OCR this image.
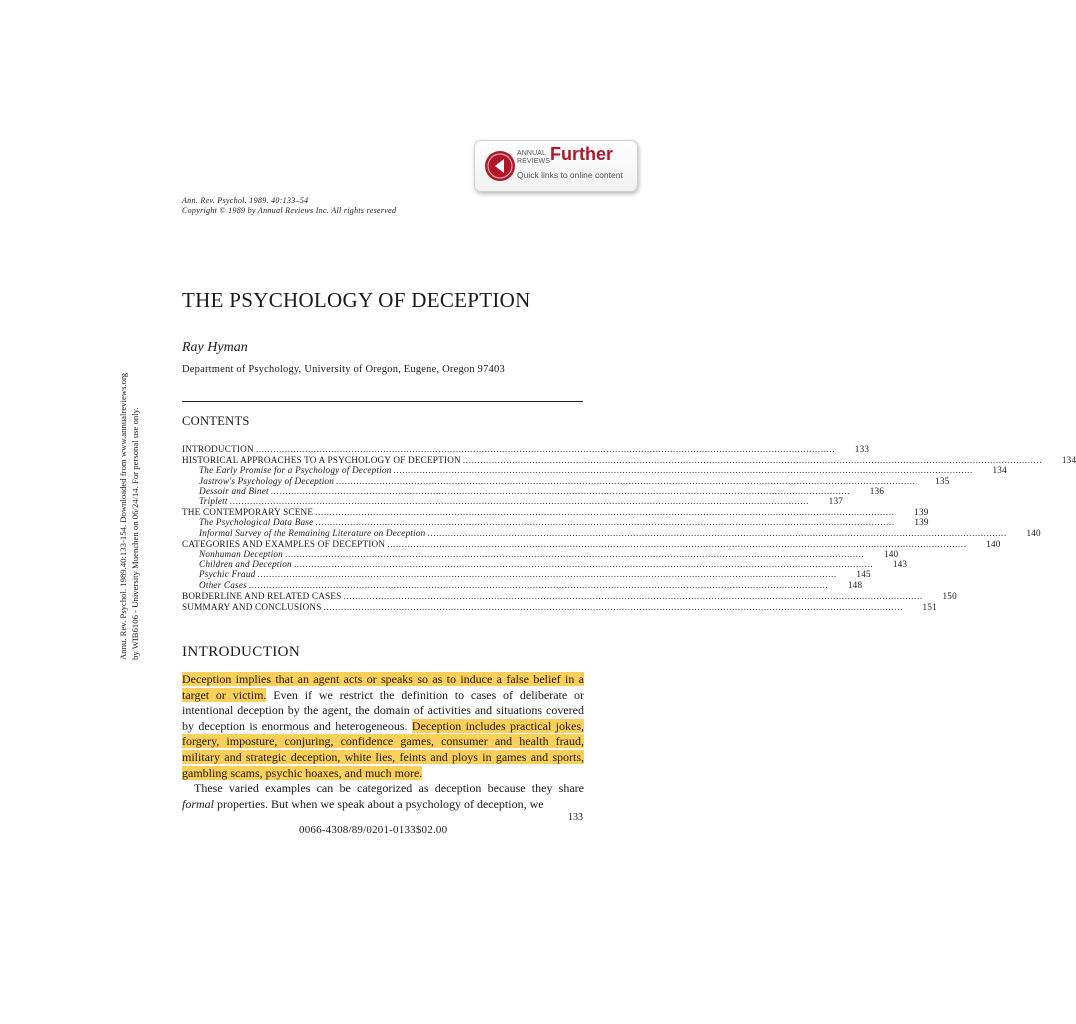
ANNUAL
REVIEWS Further
Quick links to online content
Ann. Rev. Psychol. 1989. 40:133–54
Copyright © 1989 by Annual Reviews Inc. All rights reserved
THE PSYCHOLOGY OF DECEPTION
Ray Hyman
Department of Psychology, University of Oregon, Eugene, Oregon 97403
CONTENTS
INTRODUCTION ........................................................................................................................................................................................................	133
HISTORICAL APPROACHES TO A PSYCHOLOGY OF DECEPTION ........................................................................................................................................................................................................	134
The Early Promise for a Psychology of Deception ........................................................................................................................................................................................................	134
Jastrow's Psychology of Deception ........................................................................................................................................................................................................	135
Dessoir and Binet ........................................................................................................................................................................................................	136
Triplett ........................................................................................................................................................................................................	137
THE CONTEMPORARY SCENE ........................................................................................................................................................................................................	139
The Psychological Data Base ........................................................................................................................................................................................................	139
Informal Survey of the Remaining Literature on Deception ........................................................................................................................................................................................................	140
CATEGORIES AND EXAMPLES OF DECEPTION ........................................................................................................................................................................................................	140
Nonhuman Deception ........................................................................................................................................................................................................	140
Children and Deception ........................................................................................................................................................................................................	143
Psychic Fraud ........................................................................................................................................................................................................	145
Other Cases ........................................................................................................................................................................................................	148
BORDERLINE AND RELATED CASES ........................................................................................................................................................................................................	150
SUMMARY AND CONCLUSIONS ........................................................................................................................................................................................................	151
INTRODUCTION

Deception implies that an agent acts or speaks so as to induce a false belief in a target or victim. Even if we restrict the definition to cases of deliberate or intentional deception by the agent, the domain of activities and situations covered by deception is enormous and heterogeneous. Deception includes practical jokes, forgery, imposture, conjuring, confidence games, consumer and health fraud, military and strategic deception, white lies, feints and ploys in games and sports, gambling scams, psychic hoaxes, and much more.

These varied examples can be categorized as deception because they share formal properties. But when we speak about a psychology of deception, we

133
0066-4308/89/0201-0133$02.00
Annu. Rev. Psychol. 1989.40:133-154. Downloaded from www.annualreviews.org by WIB6106 - University Muenchen on 06/24/14. For personal use only.
